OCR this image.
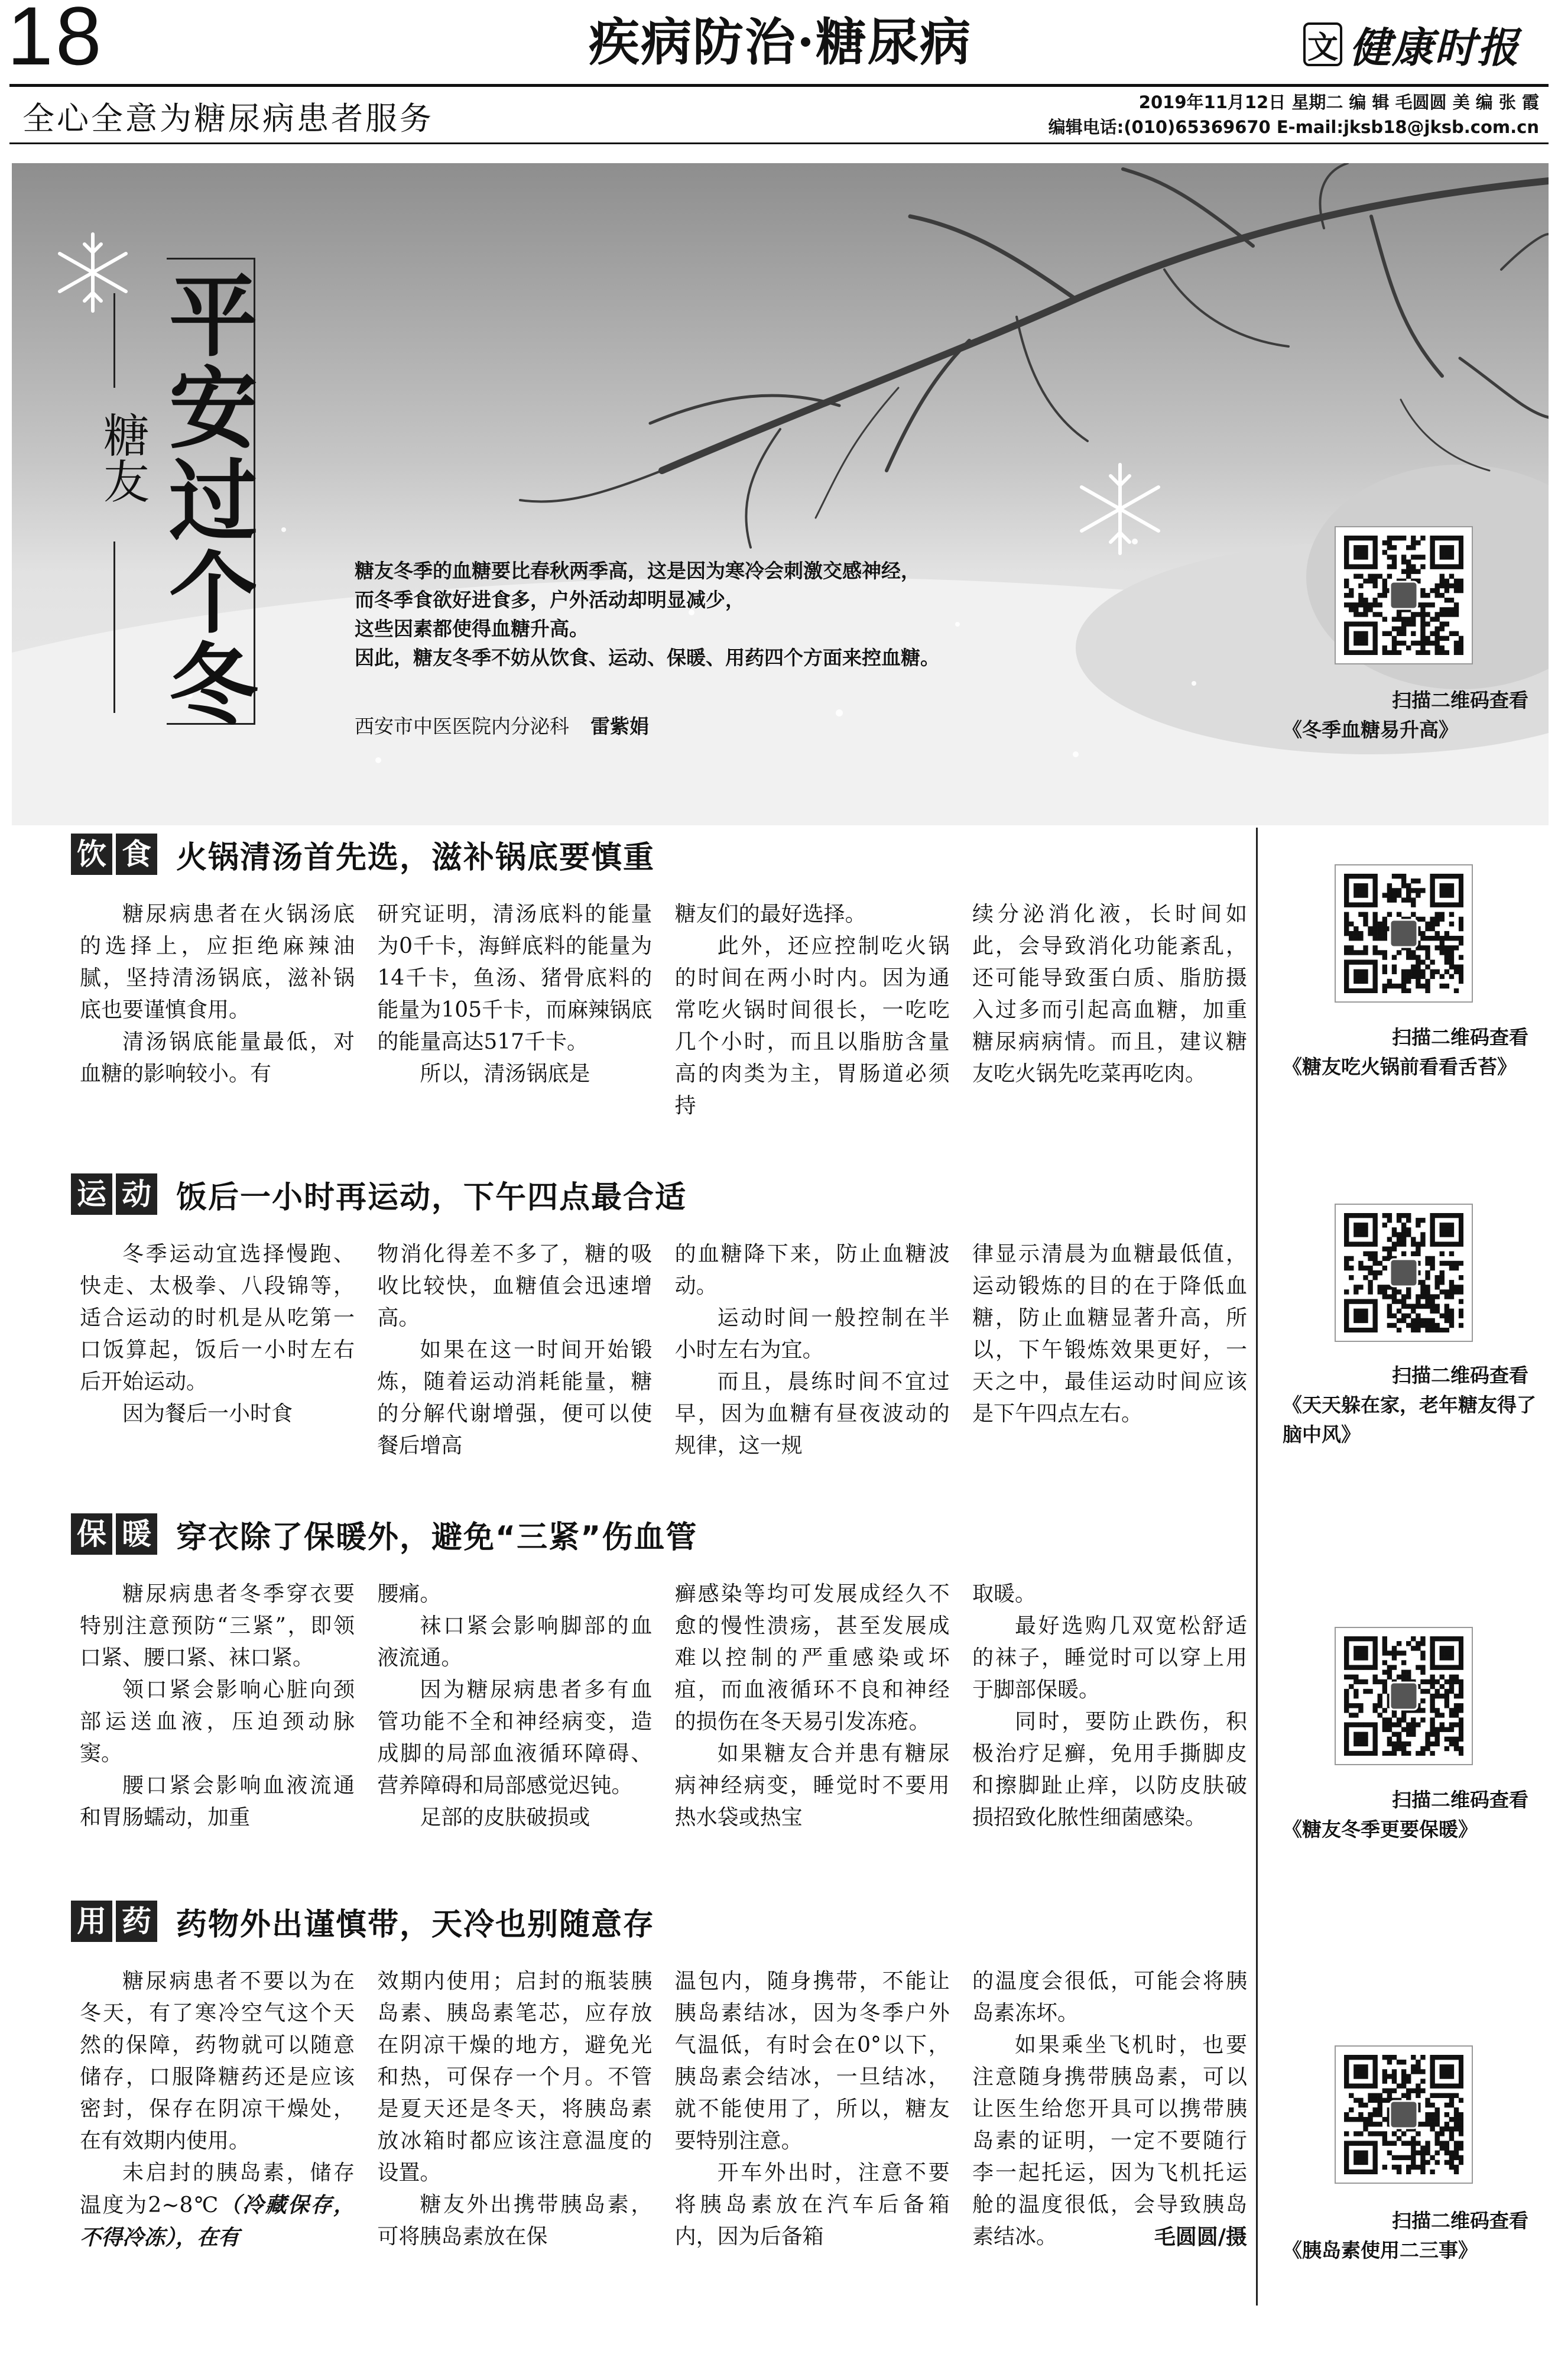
18	疾病防治·糖尿病	文 健康时报
全心全意为糖尿病患者服务	2019年11月12日 星期二 编 辑 毛圆圆 美 编 张 霞
编辑电话:(010)65369670 E-mail:jksb18@jksb.com.cn
糖友 平安过个冬	糖友冬季的血糖要比春秋两季高，这是因为寒冷会刺激交感神经，
而冬季食欲好进食多，户外活动却明显减少，
这些因素都使得血糖升高。
因此，糖友冬季不妨从饮食、运动、保暖、用药四个方面来控血糖。
西安市中医医院内分泌科 雷紫娟
扫描二维码查看
《冬季血糖易升高》
扫描二维码查看
《糖友吃火锅前看看舌苔》
扫描二维码查看
《天天躲在家，老年糖友得了脑中风》
扫描二维码查看
《糖友冬季更要保暖》
扫描二维码查看
《胰岛素使用二三事》
饮 食 火锅清汤首先选，滋补锅底要慎重

糖尿病患者在火锅汤底的选择上，应拒绝麻辣油腻，坚持清汤锅底，滋补锅底也要谨慎食用。

清汤锅底能量最低，对血糖的影响较小。有

研究证明，清汤底料的能量为0千卡，海鲜底料的能量为14千卡，鱼汤、猪骨底料的能量为105千卡，而麻辣锅底的能量高达517千卡。

所以，清汤锅底是

糖友们的最好选择。

此外，还应控制吃火锅的时间在两小时内。因为通常吃火锅时间很长，一吃吃几个小时，而且以脂肪含量高的肉类为主，胃肠道必须持

续分泌消化液，长时间如此，会导致消化功能紊乱，还可能导致蛋白质、脂肪摄入过多而引起高血糖，加重糖尿病病情。而且，建议糖友吃火锅先吃菜再吃肉。

运 动 饭后一小时再运动，下午四点最合适

冬季运动宜选择慢跑、快走、太极拳、八段锦等，适合运动的时机是从吃第一口饭算起，饭后一小时左右后开始运动。

因为餐后一小时食

物消化得差不多了，糖的吸收比较快，血糖值会迅速增高。

如果在这一时间开始锻炼，随着运动消耗能量，糖的分解代谢增强，便可以使餐后增高

的血糖降下来，防止血糖波动。

运动时间一般控制在半小时左右为宜。

而且，晨练时间不宜过早，因为血糖有昼夜波动的规律，这一规

律显示清晨为血糖最低值，运动锻炼的目的在于降低血糖，防止血糖显著升高，所以，下午锻炼效果更好，一天之中，最佳运动时间应该是下午四点左右。

保 暖 穿衣除了保暖外，避免“三紧”伤血管

糖尿病患者冬季穿衣要特别注意预防“三紧”，即领口紧、腰口紧、袜口紧。

领口紧会影响心脏向颈部运送血液，压迫颈动脉窦。

腰口紧会影响血液流通和胃肠蠕动，加重

腰痛。

袜口紧会影响脚部的血液流通。

因为糖尿病患者多有血管功能不全和神经病变，造成脚的局部血液循环障碍、营养障碍和局部感觉迟钝。

足部的皮肤破损或

癣感染等均可发展成经久不愈的慢性溃疡，甚至发展成难以控制的严重感染或坏疽，而血液循环不良和神经的损伤在冬天易引发冻疮。

如果糖友合并患有糖尿病神经病变，睡觉时不要用热水袋或热宝

取暖。

最好选购几双宽松舒适的袜子，睡觉时可以穿上用于脚部保暖。

同时，要防止跌伤，积极治疗足癣，免用手撕脚皮和擦脚趾止痒，以防皮肤破损招致化脓性细菌感染。

用 药 药物外出谨慎带，天冷也别随意存

糖尿病患者不要以为在冬天，有了寒冷空气这个天然的保障，药物就可以随意储存，口服降糖药还是应该密封，保存在阴凉干燥处，在有效期内使用。

未启封的胰岛素，储存温度为2~8℃（冷藏保存，不得冷冻），在有

效期内使用；启封的瓶装胰岛素、胰岛素笔芯，应存放在阴凉干燥的地方，避免光和热，可保存一个月。不管是夏天还是冬天，将胰岛素放冰箱时都应该注意温度的设置。

糖友外出携带胰岛素，可将胰岛素放在保

温包内，随身携带，不能让胰岛素结冰，因为冬季户外气温低，有时会在0°以下，胰岛素会结冰，一旦结冰，就不能使用了，所以，糖友要特别注意。

开车外出时，注意不要将胰岛素放在汽车后备箱内，因为后备箱

的温度会很低，可能会将胰岛素冻坏。

如果乘坐飞机时，也要注意随身携带胰岛素，可以让医生给您开具可以携带胰岛素的证明，一定不要随行李一起托运，因为飞机托运舱的温度很低，会导致胰岛素结冰。	毛圆圆/摄
